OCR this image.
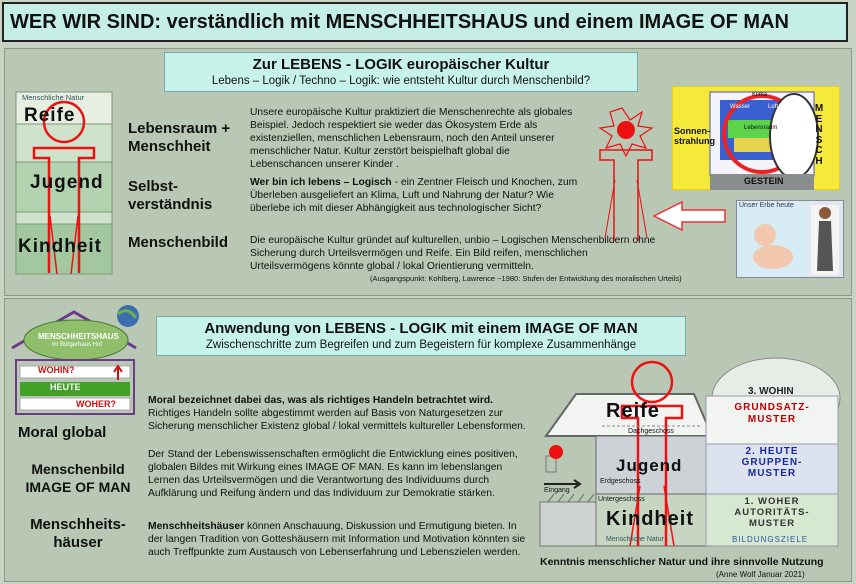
WER WIR SIND: verständlich mit MENSCHHEITSHAUS und einem IMAGE OF MAN
Zur LEBENS - LOGIK europäischer Kultur
Lebens – Logik / Techno – Logik: wie entsteht Kultur durch Menschenbild?
Menschliche Natur
Reife
Jugend
Kindheit
Lebensraum +
Menschheit
Selbst-
verständnis
Menschenbild
Unsere europäische Kultur praktiziert die Menschenrechte als globales Beispiel. Jedoch respektiert sie weder das Ökosystem Erde als existenziellen, menschlichen Lebensraum, noch den Anteil unserer menschlicher Natur. Kultur zerstört beispielhaft global die Lebenschancen unserer Kinder .
Wer bin ich lebens – Logisch - ein Zentner Fleisch und Knochen, zum Überleben ausgeliefert an Klima, Luft und Nahrung der Natur? Wie überlebe ich mit dieser Abhängigkeit aus technologischer Sicht?
Die europäische Kultur gründet auf kulturellen, unbio – Logischen Menschenbildern ohne Sicherung durch Urteilsvermögen und Reife. Ein Bild reifen, menschlichen Urteilsvermögens könnte global / lokal Orientierung vermitteln.
(Ausgangspunkt: Kohlberg, Lawrence ~1980: Stufen der Entwicklung des moralischen Urteils)
Sonnen-
strahlung
Wasser	Luft
Lebensraum
Klima
M
E
N
S
C
H
GESTEIN
Unser Erbe heute
Anwendung von LEBENS - LOGIK mit einem IMAGE OF MAN
Zwischenschritte zum Begreifen und zum Begeistern für komplexe Zusammenhänge
MENSCHHEITSHAUS
im Bürgerhaus Hof
WOHIN?
HEUTE
WOHER?
Moral global
Menschenbild
IMAGE OF MAN
Menschheits-
häuser
Moral bezeichnet dabei das, was als richtiges Handeln betrachtet wird. Richtiges Handeln sollte abgestimmt werden auf Basis von Naturgesetzen zur Sicherung menschlicher Existenz global / lokal vermittels kultureller Lebensformen.
Der Stand der Lebenswissenschaften ermöglicht die Entwicklung eines positiven, globalen Bildes mit Wirkung eines IMAGE OF MAN. Es kann im lebenslangen Lernen das Urteilsvermögen und die Verantwortung des Individuums durch Aufklärung und Reifung ändern und das Individuum zur Demokratie stärken.
Menschheitshäuser können Anschauung, Diskussion und Ermutigung bieten. In der langen Tradition von Gotteshäusern mit Information und Motivation könnten sie auch Treffpunkte zum Austausch von Lebenserfahrung und Lebenszielen werden.
Reife
Jugend
Kindheit
Dachgeschoss
Erdgeschoss
Untergeschoss
Eingang
3. WOHIN
GRUNDSATZ-
MUSTER
2. HEUTE
GRUPPEN-
MUSTER
1. WOHER
AUTORITÄTS-
MUSTER
BILDUNGSZIELE
Menschliche Natur
Kenntnis menschlicher Natur und ihre sinnvolle Nutzung
(Anne Wolf Januar 2021)
